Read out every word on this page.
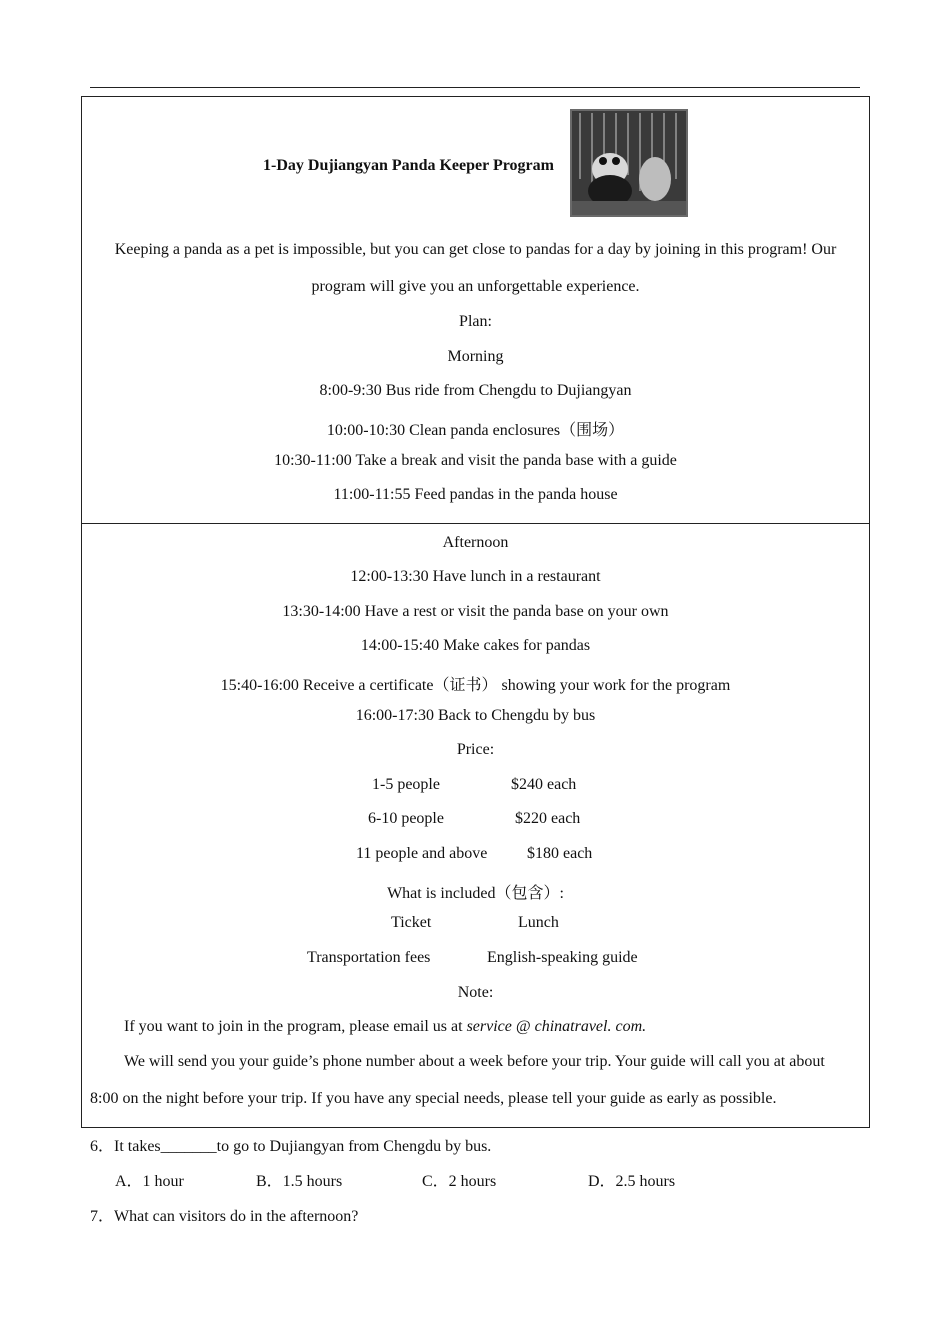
1-Day Dujiangyan Panda Keeper Program
Keeping a panda as a pet is impossible, but you can get close to pandas for a day by joining in this program! Our
program will give you an unforgettable experience.
Plan:
Morning
8:00-9:30 Bus ride from Chengdu to Dujiangyan
10:00-10:30 Clean panda enclosures（围场）
10:30-11:00 Take a break and visit the panda base with a guide
11:00-11:55 Feed pandas in the panda house
Afternoon
12:00-13:30 Have lunch in a restaurant
13:30-14:00 Have a rest or visit the panda base on your own
14:00-15:40 Make cakes for pandas
15:40-16:00 Receive a certificate（证书） showing your work for the program
16:00-17:30 Back to Chengdu by bus
Price:
1-5 people	$240 each
6-10 people	$220 each
11 people and above $180 each
What is included（包含）:
Ticket	Lunch
Transportation fees	English-speaking guide
Note:
If you want to join in the program, please email us at service @ chinatravel. com.
We will send you your guide’s phone number about a week before your trip. Your guide will call you at about
8:00 on the night before your trip. If you have any special needs, please tell your guide as early as possible.
6．It takes_______to go to Dujiangyan from Chengdu by bus.
A．1 hour	B．1.5 hours	C．2 hours	D．2.5 hours
7．What can visitors do in the afternoon?
